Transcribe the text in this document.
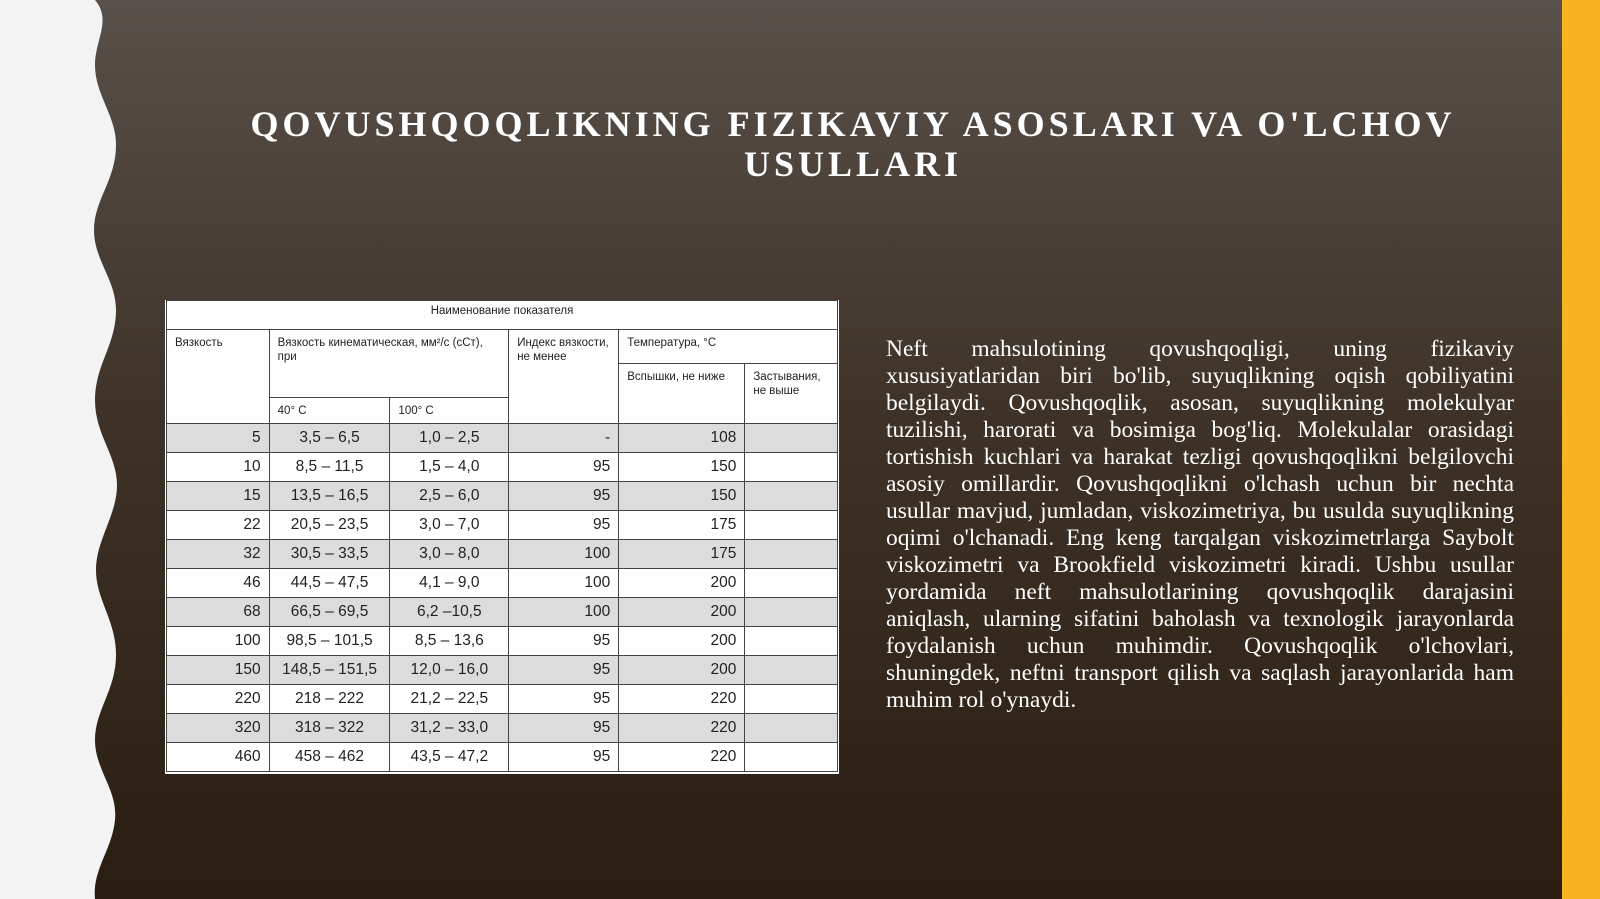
QOVUSHQOQLIKNING FIZIKAVIY ASOSLARI VA O'LCHOV USULLARI
Наименование показателя					
Вязкость	Вязкость кинематическая, мм²/с (сСт), при		Индекс вязкости, не менее	Температура, °С	
				Вспышки, не ниже	Застывания, не выше
	40° С	100° С			
5	3,5 – 6,5	1,0 – 2,5	-	108	
10	8,5 – 11,5	1,5 – 4,0	95	150	
15	13,5 – 16,5	2,5 – 6,0	95	150	
22	20,5 – 23,5	3,0 – 7,0	95	175	
32	30,5 – 33,5	3,0 – 8,0	100	175	
46	44,5 – 47,5	4,1 – 9,0	100	200	
68	66,5 – 69,5	6,2 –10,5	100	200	
100	98,5 – 101,5	8,5 – 13,6	95	200	
150	148,5 – 151,5	12,0 – 16,0	95	200	
220	218 – 222	21,2 – 22,5	95	220	
320	318 – 322	31,2 – 33,0	95	220	
460	458 – 462	43,5 – 47,2	95	220	

Neft mahsulotining qovushqoqligi, uning fizikaviy xususiyatlaridan biri bo'lib, suyuqlikning oqish qobiliyatini belgilaydi. Qovushqoqlik, asosan, suyuqlikning molekulyar tuzilishi, harorati va bosimiga bog'liq. Molekulalar orasidagi tortishish kuchlari va harakat tezligi qovushqoqlikni belgilovchi asosiy omillardir. Qovushqoqlikni o'lchash uchun bir nechta usullar mavjud, jumladan, viskozimetriya, bu usulda suyuqlikning oqimi o'lchanadi. Eng keng tarqalgan viskozimetrlarga Saybolt viskozimetri va Brookfield viskozimetri kiradi. Ushbu usullar yordamida neft mahsulotlarining qovushqoqlik darajasini aniqlash, ularning sifatini baholash va texnologik jarayonlarda foydalanish uchun muhimdir. Qovushqoqlik o'lchovlari, shuningdek, neftni transport qilish va saqlash jarayonlarida ham muhim rol o'ynaydi.
